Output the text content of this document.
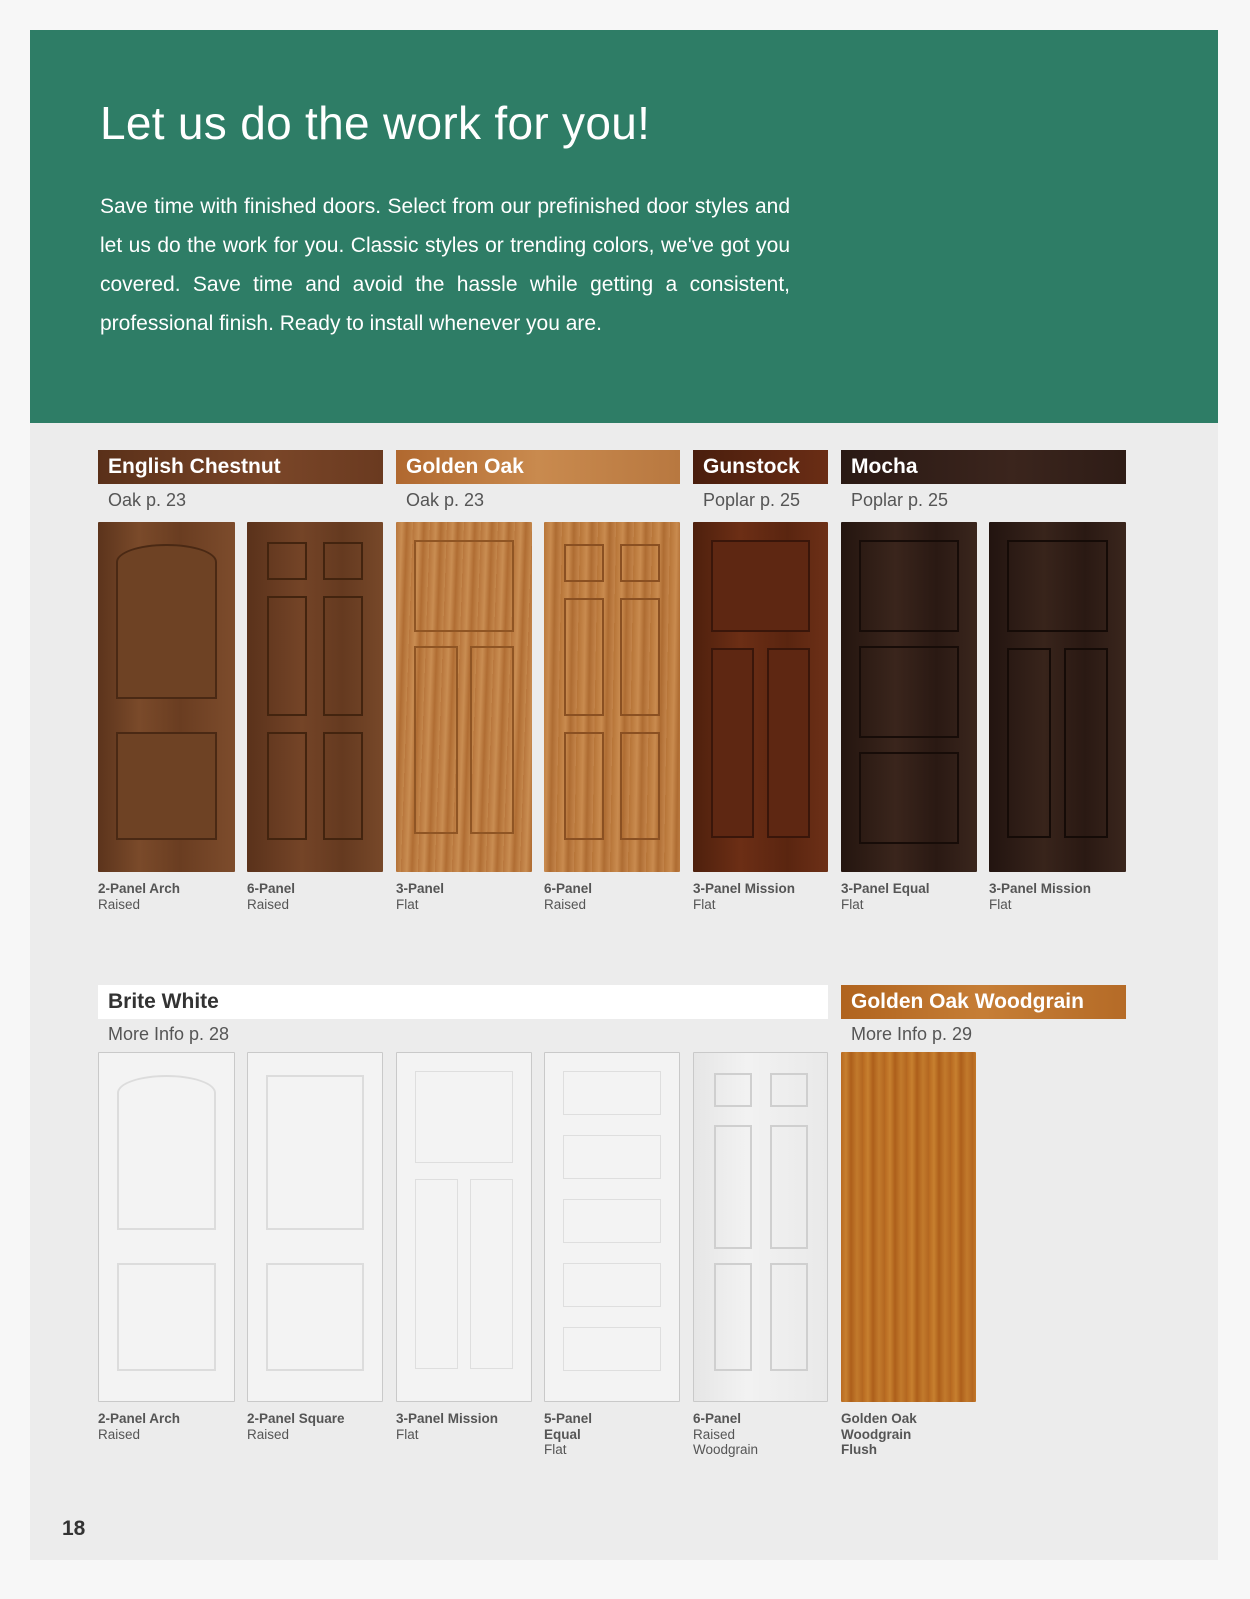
Let us do the work for you!

Save time with finished doors. Select from our prefinished door styles and let us do the work for you. Classic styles or trending colors, we've got you covered. Save time and avoid the hassle while getting a consistent, professional finish. Ready to install whenever you are.

English Chestnut
Oak p. 23
Golden Oak
Oak p. 23
Gunstock
Poplar p. 25
Mocha
Poplar p. 25
2-Panel Arch
Raised
6-Panel
Raised
3-Panel
Flat
6-Panel
Raised
3-Panel Mission
Flat
3-Panel Equal
Flat
3-Panel Mission
Flat
Brite White
More Info p. 28
Golden Oak Woodgrain
More Info p. 29
2-Panel Arch
Raised
2-Panel Square
Raised
3-Panel Mission
Flat
5-Panel
Equal
Flat
6-Panel
Raised
Woodgrain
Golden Oak
Woodgrain
Flush
18
